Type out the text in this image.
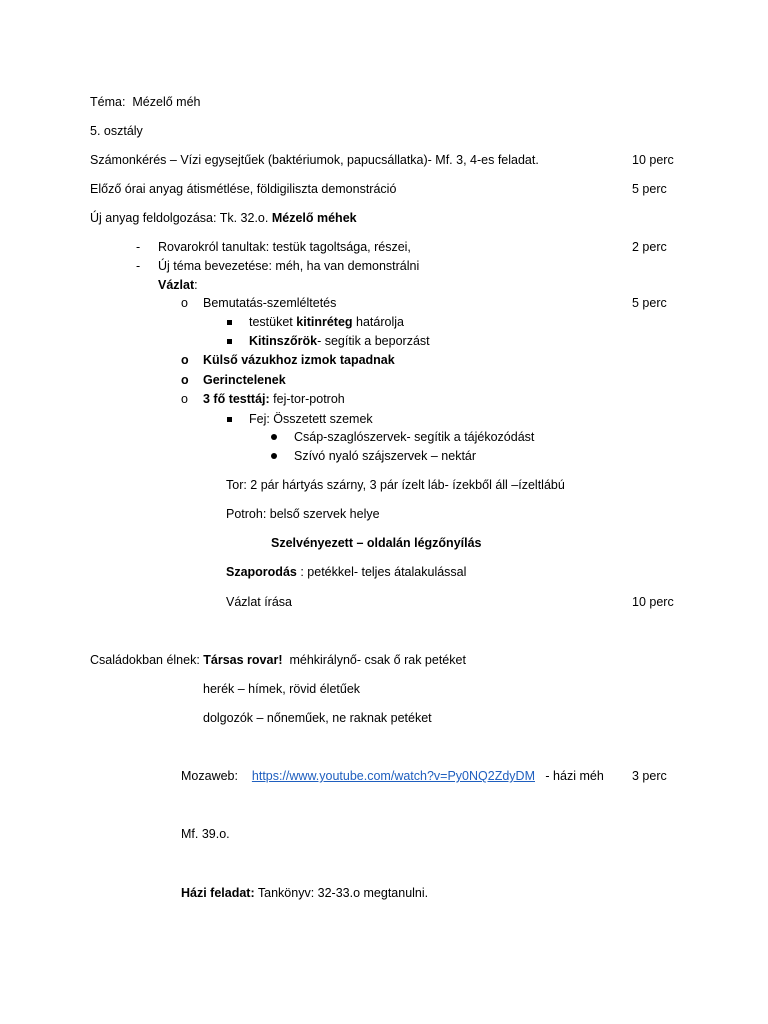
Téma: Mézelő méh
5. osztály
Számonkérés – Vízi egysejtűek (baktériumok, papucsállatka)- Mf. 3, 4-es feladat.	10 perc
Előző órai anyag átismétlése, földigiliszta demonstráció	5 perc
Új anyag feldolgozása: Tk. 32.o. Mézelő méhek
- Rovarokról tanultak: testük tagoltsága, részei,	2 perc
- Új téma bevezetése: méh, ha van demonstrálni
Vázlat:
o Bemutatás-szemléltetés	5 perc
testüket kitinréteg határolja
Kitinszőrök- segítik a beporzást
o Külső vázukhoz izmok tapadnak
o Gerinctelenek
o 3 fő testtáj: fej-tor-potroh
Fej: Összetett szemek
Csáp-szaglószervek- segítik a tájékozódást
Szívó nyaló szájszervek – nektár
Tor: 2 pár hártyás szárny, 3 pár ízelt láb- ízekből áll –ízeltlábú
Potroh: belső szervek helye
Szelvényezett – oldalán légzőnyílás
Szaporodás : petékkel- teljes átalakulással
Vázlat írása	10 perc
Családokban élnek: Társas rovar! méhkirálynő- csak ő rak petéket
herék – hímek, rövid életűek
dolgozók – nőneműek, ne raknak petéket
Mozaweb: https://www.youtube.com/watch?v=Py0NQ2ZdyDM - házi méh 3 perc
Mf. 39.o.
Házi feladat: Tankönyv: 32-33.o megtanulni.
